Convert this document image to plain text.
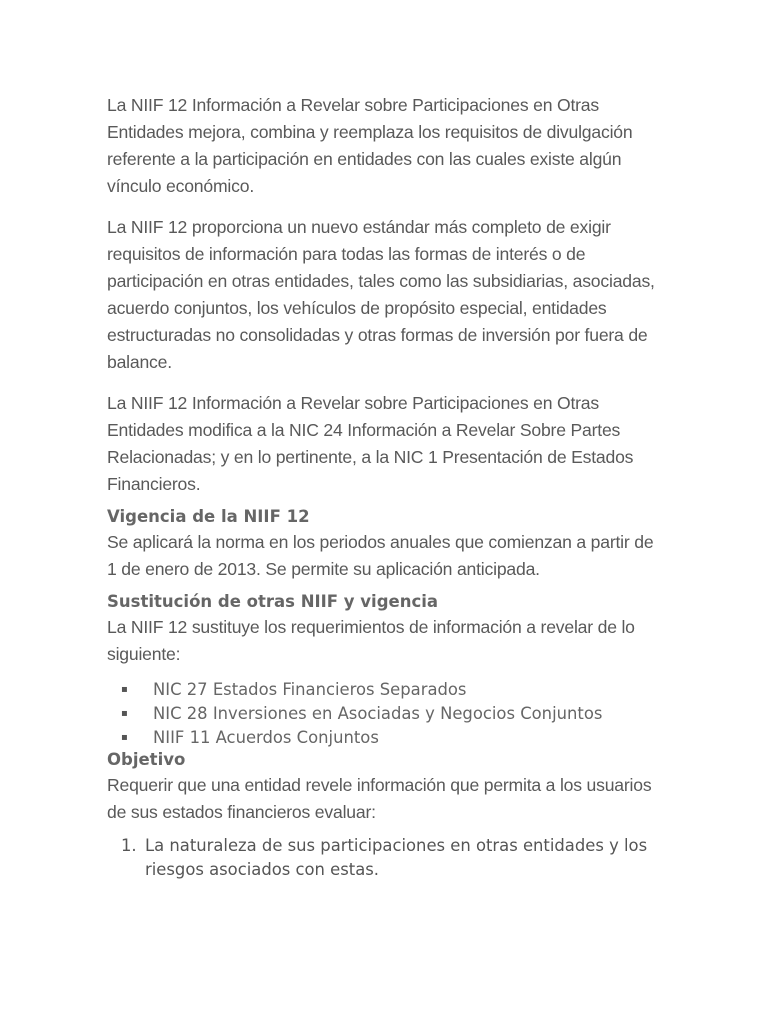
La NIIF 12 Información a Revelar sobre Participaciones en Otras Entidades mejora, combina y reemplaza los requisitos de divulgación referente a la participación en entidades con las cuales existe algún vínculo económico.

La NIIF 12 proporciona un nuevo estándar más completo de exigir requisitos de información para todas las formas de interés o de participación en otras entidades, tales como las subsidiarias, asociadas, acuerdo conjuntos, los vehículos de propósito especial, entidades estructuradas no consolidadas y otras formas de inversión por fuera de balance.

La NIIF 12 Información a Revelar sobre Participaciones en Otras Entidades modifica a la NIC 24 Información a Revelar Sobre Partes Relacionadas; y en lo pertinente, a la NIC 1 Presentación de Estados Financieros.

Vigencia de la NIIF 12

Se aplicará la norma en los periodos anuales que comienzan a partir de 1 de enero de 2013. Se permite su aplicación anticipada.

Sustitución de otras NIIF y vigencia

La NIIF 12 sustituye los requerimientos de información a revelar de lo siguiente:

▪ NIC 27 Estados Financieros Separados
▪ NIC 28 Inversiones en Asociadas y Negocios Conjuntos
▪ NIIF 11 Acuerdos Conjuntos
Objetivo

Requerir que una entidad revele información que permita a los usuarios de sus estados financieros evaluar:

1. La naturaleza de sus participaciones en otras entidades y los riesgos asociados con estas.
